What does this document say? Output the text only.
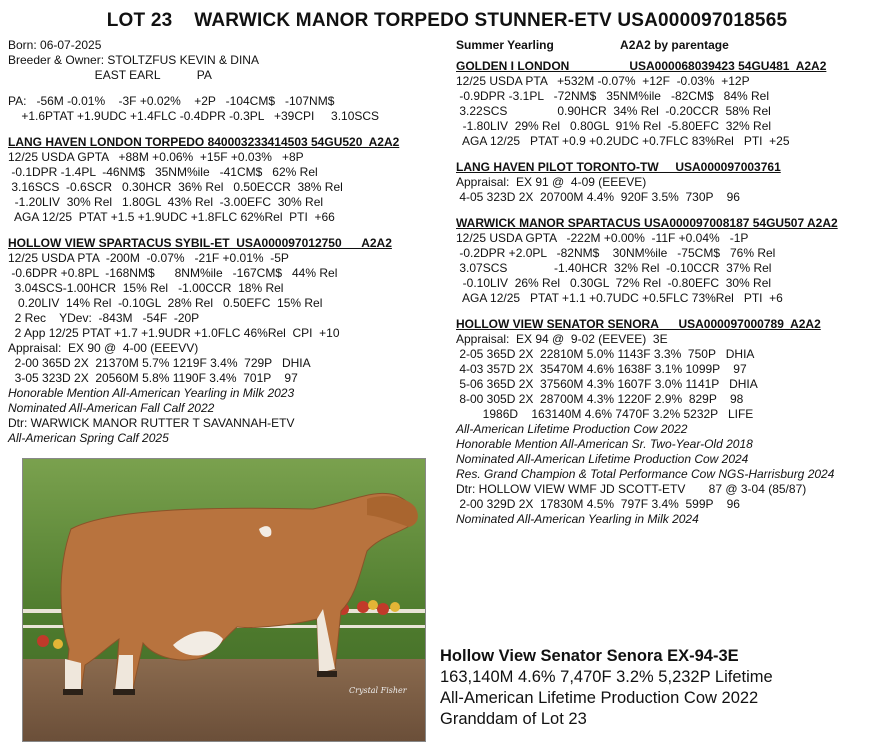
LOT 23    WARWICK MANOR TORPEDO STUNNER-ETV USA000097018565
Born: 06-07-2025
Breeder & Owner: STOLTZFUS KEVIN & DINA
EAST EARL           PA
PA:   -56M -0.01%    -3F +0.02%    +2P   -104CM$   -107NM$
+1.6PTAT +1.9UDC +1.4FLC -0.4DPR -0.3PL   +39CPI     3.10SCS
LANG HAVEN LONDON TORPEDO 840003233414503 54GU520  A2A2
12/25 USDA GPTA   +88M +0.06%  +15F +0.03%   +8P
-0.1DPR -1.4PL  -46NM$   35NM%ile   -41CM$   62% Rel
3.16SCS  -0.6SCR   0.30HCR  36% Rel   0.50ECCR  38% Rel
-1.20LIV  30% Rel   1.80GL  43% Rel  -3.00EFC  30% Rel
AGA 12/25  PTAT +1.5 +1.9UDC +1.8FLC 62%Rel  PTI  +66
HOLLOW VIEW SPARTACUS SYBIL-ET  USA000097012750      A2A2
12/25 USDA PTA  -200M  -0.07%   -21F +0.01%  -5P
-0.6DPR +0.8PL  -168NM$      8NM%ile   -167CM$   44% Rel
3.04SCS-1.00HCR  15% Rel   -1.00CCR  18% Rel
0.20LIV  14% Rel  -0.10GL  28% Rel   0.50EFC  15% Rel
2 Rec    YDev:  -843M   -54F  -20P
2 App 12/25 PTAT +1.7 +1.9UDR +1.0FLC 46%Rel  CPI  +10
Appraisal:  EX 90 @  4-00 (EEEVV)
2-00 365D 2X  21370M 5.7% 1219F 3.4%  729P   DHIA
3-05 323D 2X  20560M 5.8% 1190F 3.4%  701P    97
Honorable Mention All-American Yearling in Milk 2023
Nominated All-American Fall Calf 2022
Dtr: WARWICK MANOR RUTTER T SAVANNAH-ETV
All-American Spring Calf 2025
Summer Yearling                    A2A2 by parentage
GOLDEN I LONDON                  USA000068039423 54GU481  A2A2
12/25 USDA PTA   +532M -0.07%  +12F  -0.03%  +12P
-0.9DPR -3.1PL   -72NM$   35NM%ile   -82CM$   84% Rel
3.22SCS               0.90HCR  34% Rel  -0.20CCR  58% Rel
-1.80LIV  29% Rel   0.80GL  91% Rel  -5.80EFC  32% Rel
AGA 12/25   PTAT +0.9 +0.2UDC +0.7FLC 83%Rel   PTI  +25
LANG HAVEN PILOT TORONTO-TW     USA000097003761
Appraisal:  EX 91 @  4-09 (EEEVE)
4-05 323D 2X  20700M 4.4%  920F 3.5%  730P    96
WARWICK MANOR SPARTACUS USA000097008187 54GU507 A2A2
12/25 USDA GPTA   -222M +0.00%  -11F +0.04%   -1P
-0.2DPR +2.0PL   -82NM$    30NM%ile   -75CM$   76% Rel
3.07SCS              -1.40HCR  32% Rel  -0.10CCR  37% Rel
-0.10LIV  26% Rel   0.30GL  72% Rel  -0.80EFC  30% Rel
AGA 12/25   PTAT +1.1 +0.7UDC +0.5FLC 73%Rel   PTI  +6
HOLLOW VIEW SENATOR SENORA      USA000097000789  A2A2
Appraisal:  EX 94 @  9-02 (EEVEE)  3E
2-05 365D 2X  22810M 5.0% 1143F 3.3%  750P   DHIA
4-03 357D 2X  35470M 4.6% 1638F 3.1% 1099P    97
5-06 365D 2X  37560M 4.3% 1607F 3.0% 1141P   DHIA
8-00 305D 2X  28700M 4.3% 1220F 2.9%  829P    98
1986D    163140M 4.6% 7470F 3.2% 5232P   LIFE
All-American Lifetime Production Cow 2022
Honorable Mention All-American Sr. Two-Year-Old 2018
Nominated All-American Lifetime Production Cow 2024
Res. Grand Champion & Total Performance Cow NGS-Harrisburg 2024
Dtr: HOLLOW VIEW WMF JD SCOTT-ETV       87 @ 3-04 (85/87)
2-00 329D 2X  17830M 4.5%  797F 3.4%  599P    96
Nominated All-American Yearling in Milk 2024
Crystal Fisher
Hollow View Senator Senora EX-94-3E
163,140M 4.6% 7,470F 3.2% 5,232P Lifetime
All-American Lifetime Production Cow 2022
Granddam of Lot 23
